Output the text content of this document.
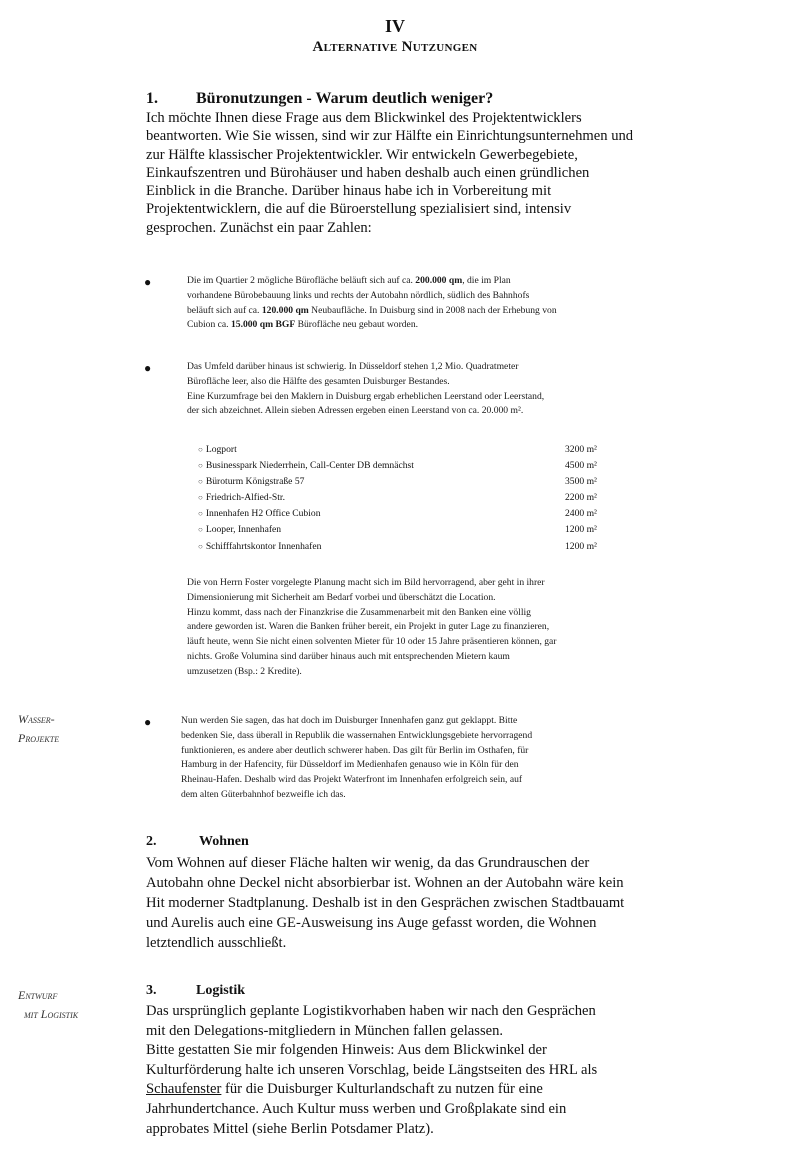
IV
Alternative Nutzungen
1. Büronutzungen - Warum deutlich weniger?
Ich möchte Ihnen diese Frage aus dem Blickwinkel des Projektentwicklers
beantworten. Wie Sie wissen, sind wir zur Hälfte ein Einrichtungsunternehmen und
zur Hälfte klassischer Projektentwickler. Wir entwickeln Gewerbegebiete,
Einkaufszentren und Bürohäuser und haben deshalb auch einen gründlichen
Einblick in die Branche. Darüber hinaus habe ich in Vorbereitung mit
Projektentwicklern, die auf die Büroerstellung spezialisiert sind, intensiv
gesprochen. Zunächst ein paar Zahlen:
●	Die im Quartier 2 mögliche Bürofläche beläuft sich auf ca. 200.000 qm, die im Plan
vorhandene Bürobebauung links und rechts der Autobahn nördlich, südlich des Bahnhofs
beläuft sich auf ca. 120.000 qm Neubaufläche. In Duisburg sind in 2008 nach der Erhebung von
Cubion ca. 15.000 qm BGF Bürofläche neu gebaut worden.
●	Das Umfeld darüber hinaus ist schwierig. In Düsseldorf stehen 1,2 Mio. Quadratmeter
Bürofläche leer, also die Hälfte des gesamten Duisburger Bestandes.
Eine Kurzumfrage bei den Maklern in Duisburg ergab erheblichen Leerstand oder Leerstand,
der sich abzeichnet. Allein sieben Adressen ergeben einen Leerstand von ca. 20.000 m².
○ Logport	3200 m²
○ Businesspark Niederrhein, Call-Center DB demnächst	4500 m²
○ Büroturm Königstraße 57	3500 m²
○ Friedrich-Alfied-Str.	2200 m²
○ Innenhafen H2 Office Cubion	2400 m²
○ Looper, Innenhafen	1200 m²
○ Schifffahrtskontor Innenhafen	1200 m²
Die von Herrn Foster vorgelegte Planung macht sich im Bild hervorragend, aber geht in ihrer
Dimensionierung mit Sicherheit am Bedarf vorbei und überschätzt die Location.
Hinzu kommt, dass nach der Finanzkrise die Zusammenarbeit mit den Banken eine völlig
andere geworden ist. Waren die Banken früher bereit, ein Projekt in guter Lage zu finanzieren,
läuft heute, wenn Sie nicht einen solventen Mieter für 10 oder 15 Jahre präsentieren können, gar
nichts. Große Volumina sind darüber hinaus auch mit entsprechenden Mietern kaum
umzusetzen (Bsp.: 2 Kredite).
Wasser-
Projekte
●	Nun werden Sie sagen, das hat doch im Duisburger Innenhafen ganz gut geklappt. Bitte
bedenken Sie, dass überall in Republik die wassernahen Entwicklungsgebiete hervorragend
funktionieren, es andere aber deutlich schwerer haben. Das gilt für Berlin im Osthafen, für
Hamburg in der Hafencity, für Düsseldorf im Medienhafen genauso wie in Köln für den
Rheinau-Hafen. Deshalb wird das Projekt Waterfront im Innenhafen erfolgreich sein, auf
dem alten Güterbahnhof bezweifle ich das.
2.	Wohnen
Vom Wohnen auf dieser Fläche halten wir wenig, da das Grundrauschen der
Autobahn ohne Deckel nicht absorbierbar ist. Wohnen an der Autobahn wäre kein
Hit moderner Stadtplanung. Deshalb ist in den Gesprächen zwischen Stadtbauamt
und Aurelis auch eine GE-Ausweisung ins Auge gefasst worden, die Wohnen
letztendlich ausschließt.
Entwurf
mit Logistik
3.	Logistik
Das ursprünglich geplante Logistikvorhaben haben wir nach den Gesprächen
mit den Delegations-mitgliedern in München fallen gelassen.
Bitte gestatten Sie mir folgenden Hinweis: Aus dem Blickwinkel der
Kulturförderung halte ich unseren Vorschlag, beide Längstseiten des HRL als
Schaufenster für die Duisburger Kulturlandschaft zu nutzen für eine
Jahrhundertchance. Auch Kultur muss werben und Großplakate sind ein
approbates Mittel (siehe Berlin Potsdamer Platz).
